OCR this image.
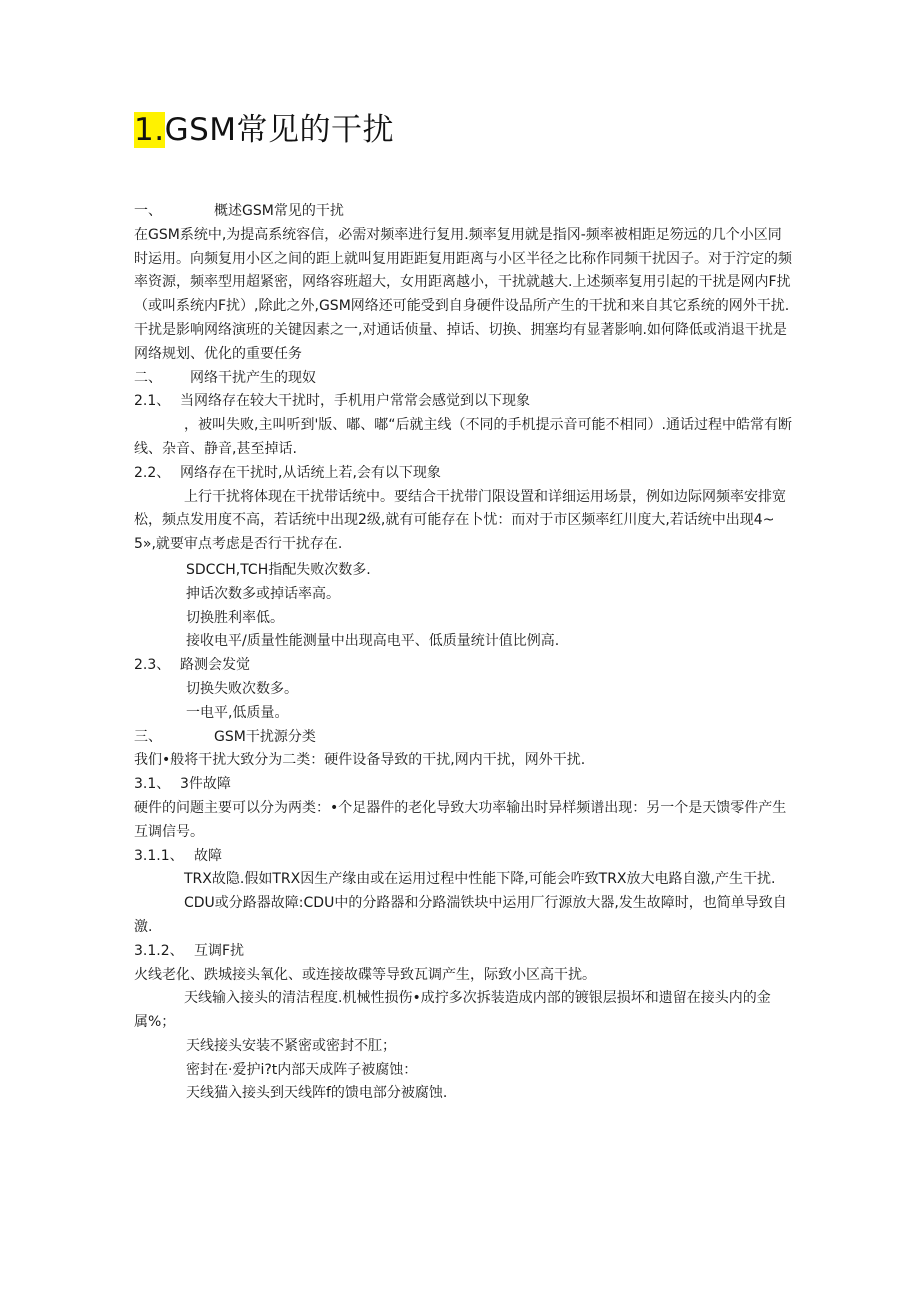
1.GSM常见的干扰

一、	概述GSM常见的干扰

在GSM系统中,为提高系统容信，必需对频率进行复用.频率复用就是指冈-频率被相距足笏远的几个小区同时运用。向频复用小区之间的距上就叫复用距距复用距离与小区半径之比称作同频干扰因子。对于泞定的频率资源，频率型用超紧密，网络容班超大，女用距离越小，干扰就越大.上述频率复用引起的干扰是网内F扰（或叫系统内F扰）,除此之外,GSM网络还可能受到自身硬件设品所产生的干扰和来自其它系统的网外干扰.

干扰是影响网络演班的关键因素之一,对通话侦量、掉话、切换、拥塞均有显著影响.如何降低或消退干扰是网络规划、优化的重要任务

二、 网络干扰产生的现奴

2.1、 当网络存在较大干扰时，手机用户常常会感觉到以下现象

，被叫失败,主叫听到'版、嘟、嘟“后就主线（不同的手机提示音可能不相同）.通话过程中皓常有断线、杂音、静音,甚至掉话.

2.2、 网络存在干扰时,从话统上若,会有以下现象

上行干扰将体现在干扰带话统中。要结合干扰带门限设置和详细运用场景，例如边际网频率安排宽松，频点发用度不高，若话统中出现2级,就有可能存在卜忧：而对于市区频率红川度大,若话统中出现4~5»,就要审点考虑是否行干扰存在.

SDCCH,TCH指配失败次数多.

抻话次数多或掉话率高。

切换胜利率低。

接收电平/质量性能测量中出现高电平、低质量统计值比例高.

2.3、 路测会发觉

切换失败次数多。

一电平,低质量。

三、	GSM干扰源分类

我们•般将干扰大致分为二类：硬件设备导致的干扰,网内干扰，网外干扰.

3.1、 3件故障

硬件的问题主要可以分为两类：•个足器件的老化导致大功率输出时异样频谱出现：另一个是天馈零件产生互调信号。

3.1.1、 故障

TRX故隐.假如TRX因生产缘由或在运用过程中性能下降,可能会咋致TRX放大电路自激,产生干扰.

CDU或分路器故障:CDU中的分路器和分路湍铁块中运用厂行源放大器,发生故障时，也简单导致自激.

3.1.2、 互调F扰

火线老化、跌城接头氧化、或连接故碟等导致瓦调产生，际致小区高干扰。

天线输入接头的清洁程度.机械性损伤•成拧多次拆装造成内部的镀银层损坏和遗留在接头内的金属%；

天线接头安装不紧密或密封不肛；

密封在·爱护i?t内部天成阵子被腐蚀：

天线猫入接头到天线阵f的馈电部分被腐蚀.
